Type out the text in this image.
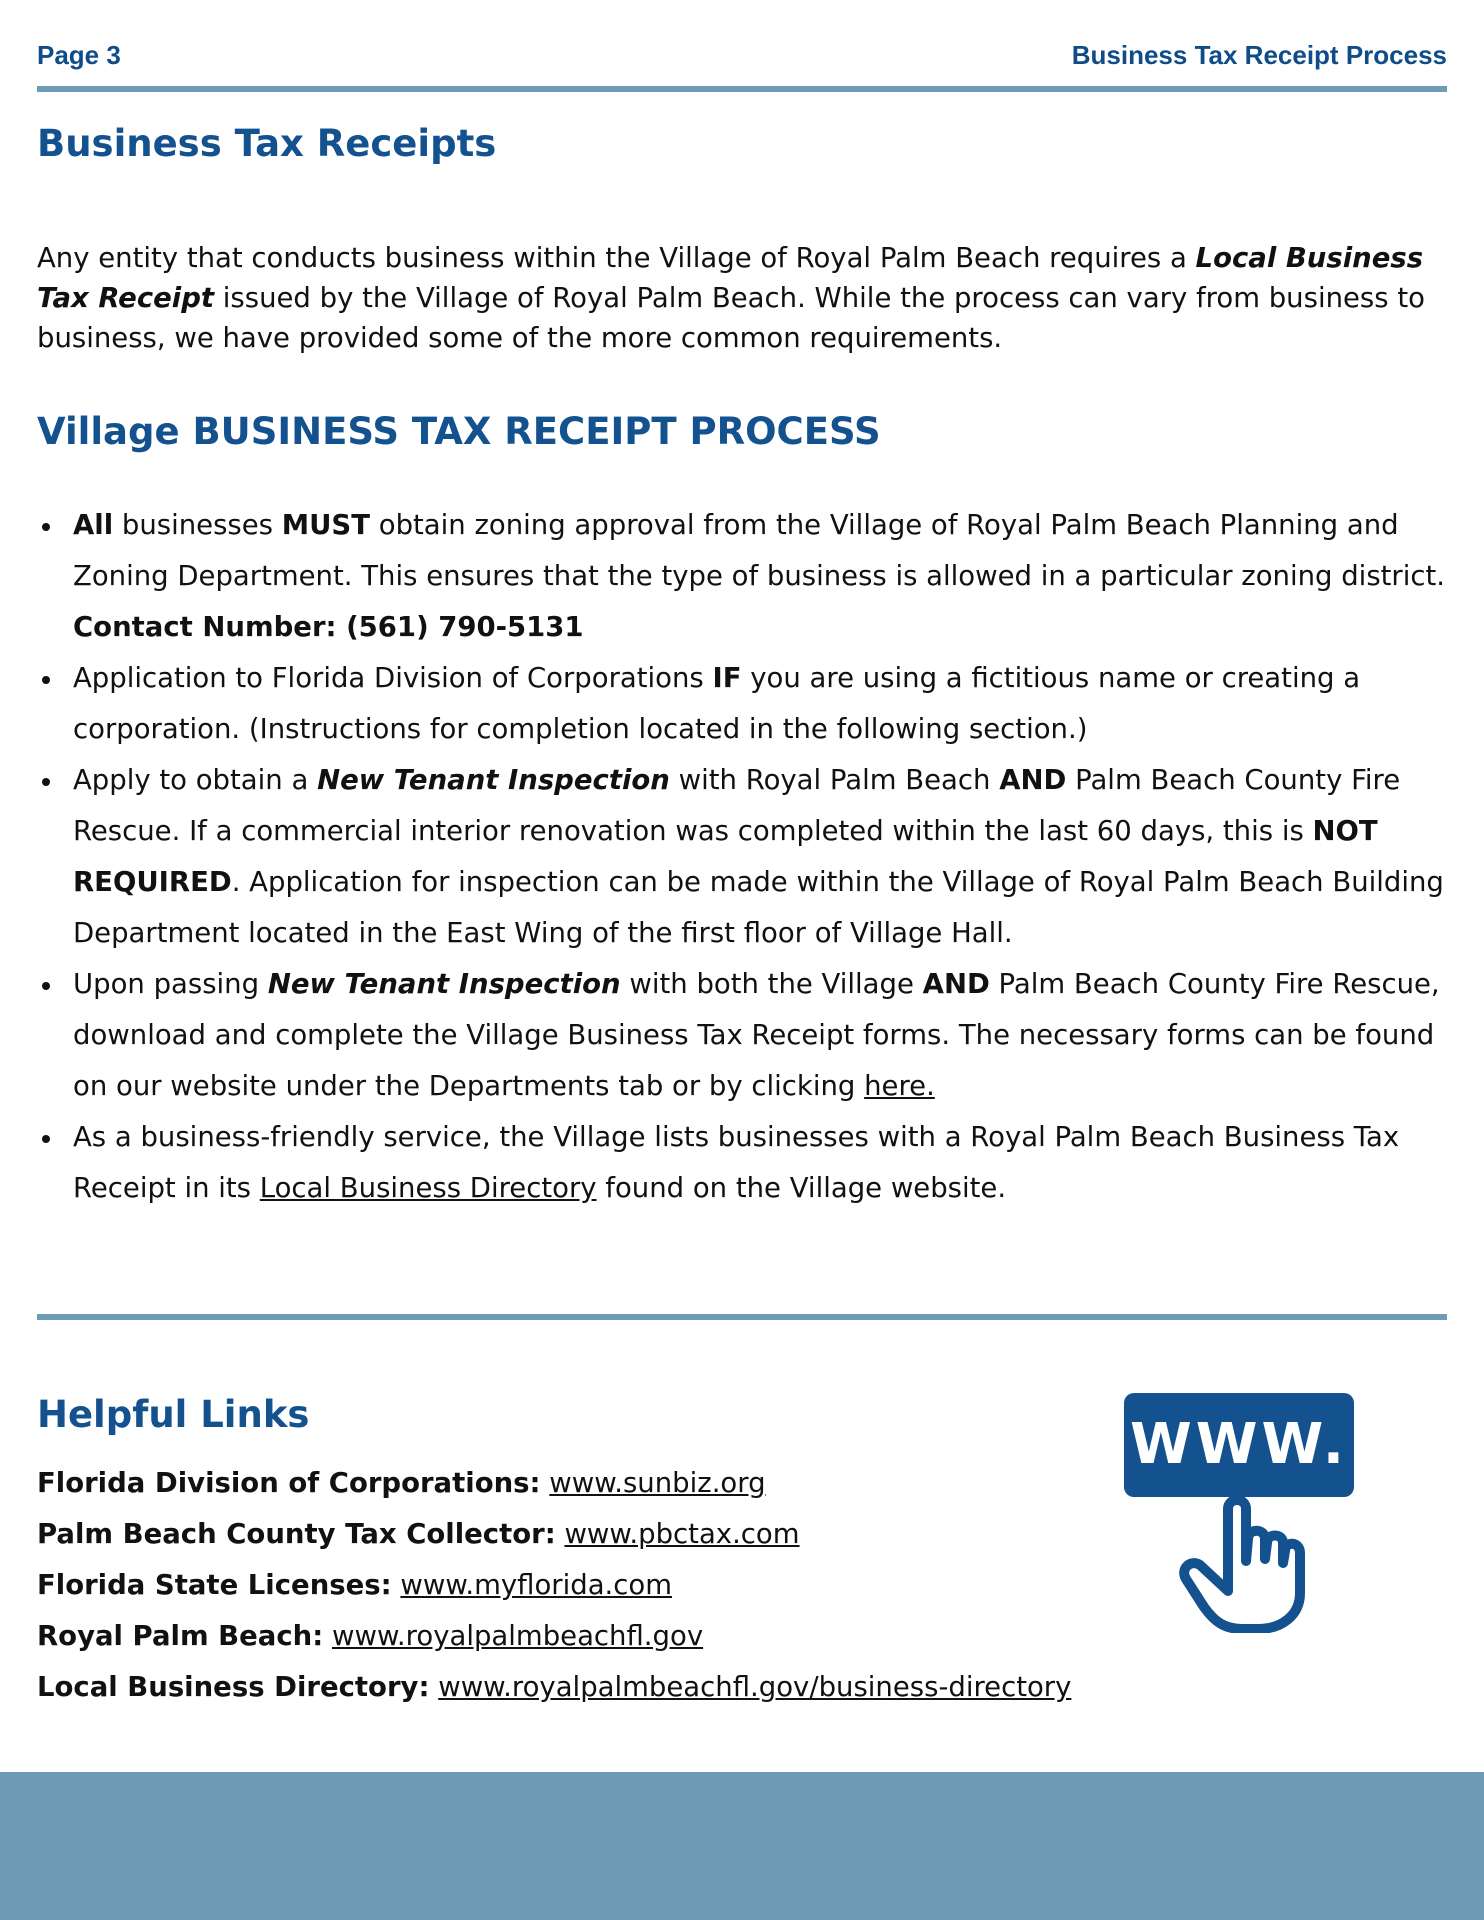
Page 3	Business Tax Receipt Process
Business Tax Receipts

Any entity that conducts business within the Village of Royal Palm Beach requires a Local Business Tax Receipt issued by the Village of Royal Palm Beach. While the process can vary from business to business, we have provided some of the more common requirements.

Village BUSINESS TAX RECEIPT PROCESS
All businesses MUST obtain zoning approval from the Village of Royal Palm Beach Planning and Zoning Department. This ensures that the type of business is allowed in a particular zoning district. Contact Number: (561) 790-5131
Application to Florida Division of Corporations IF you are using a fictitious name or creating a corporation. (Instructions for completion located in the following section.)
Apply to obtain a New Tenant Inspection with Royal Palm Beach AND Palm Beach County Fire Rescue. If a commercial interior renovation was completed within the last 60 days, this is NOT REQUIRED. Application for inspection can be made within the Village of Royal Palm Beach Building Department located in the East Wing of the first floor of Village Hall.
Upon passing New Tenant Inspection with both the Village AND Palm Beach County Fire Rescue, download and complete the Village Business Tax Receipt forms. The necessary forms can be found on our website under the Departments tab or by clicking here.
As a business-friendly service, the Village lists businesses with a Royal Palm Beach Business Tax Receipt in its Local Business Directory found on the Village website.
Helpful Links
Florida Division of Corporations: www.sunbiz.org
Palm Beach County Tax Collector: www.pbctax.com
Florida State Licenses: www.myflorida.com
Royal Palm Beach: www.royalpalmbeachfl.gov
Local Business Directory: www.royalpalmbeachfl.gov/business-directory
WWW.
